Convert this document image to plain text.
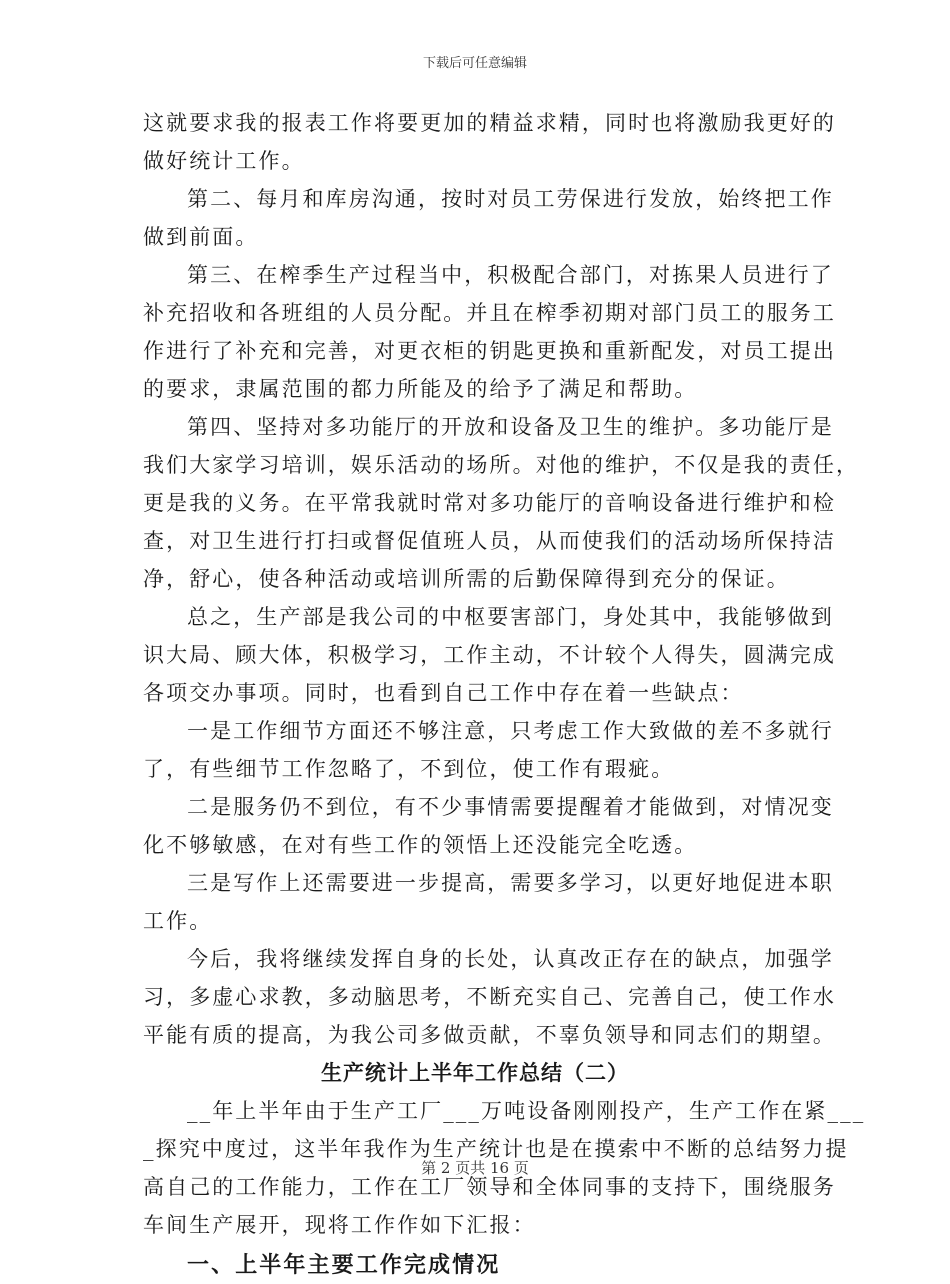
下载后可任意编辑
这就要求我的报表工作将要更加的精益求精，同时也将激励我更好的
做好统计工作。
第二、每月和库房沟通，按时对员工劳保进行发放，始终把工作
做到前面。
第三、在榨季生产过程当中，积极配合部门，对拣果人员进行了
补充招收和各班组的人员分配。并且在榨季初期对部门员工的服务工
作进行了补充和完善，对更衣柜的钥匙更换和重新配发，对员工提出
的要求，隶属范围的都力所能及的给予了满足和帮助。
第四、坚持对多功能厅的开放和设备及卫生的维护。多功能厅是
我们大家学习培训，娱乐活动的场所。对他的维护，不仅是我的责任，
更是我的义务。在平常我就时常对多功能厅的音响设备进行维护和检
查，对卫生进行打扫或督促值班人员，从而使我们的活动场所保持洁
净，舒心，使各种活动或培训所需的后勤保障得到充分的保证。
总之，生产部是我公司的中枢要害部门，身处其中，我能够做到
识大局、顾大体，积极学习，工作主动，不计较个人得失，圆满完成
各项交办事项。同时，也看到自己工作中存在着一些缺点：
一是工作细节方面还不够注意，只考虑工作大致做的差不多就行
了，有些细节工作忽略了，不到位，使工作有瑕疵。
二是服务仍不到位，有不少事情需要提醒着才能做到，对情况变
化不够敏感，在对有些工作的领悟上还没能完全吃透。
三是写作上还需要进一步提高，需要多学习，以更好地促进本职
工作。
今后，我将继续发挥自身的长处，认真改正存在的缺点，加强学
习，多虚心求教，多动脑思考，不断充实自己、完善自己，使工作水
平能有质的提高，为我公司多做贡献，不辜负领导和同志们的期望。
生产统计上半年工作总结（二）
__年上半年由于生产工厂___万吨设备刚刚投产，生产工作在紧___
_探究中度过，这半年我作为生产统计也是在摸索中不断的总结努力提
高自己的工作能力，工作在工厂领导和全体同事的支持下，围绕服务
车间生产展开，现将工作作如下汇报：
一、上半年主要工作完成情况
第 2 页共 16 页
